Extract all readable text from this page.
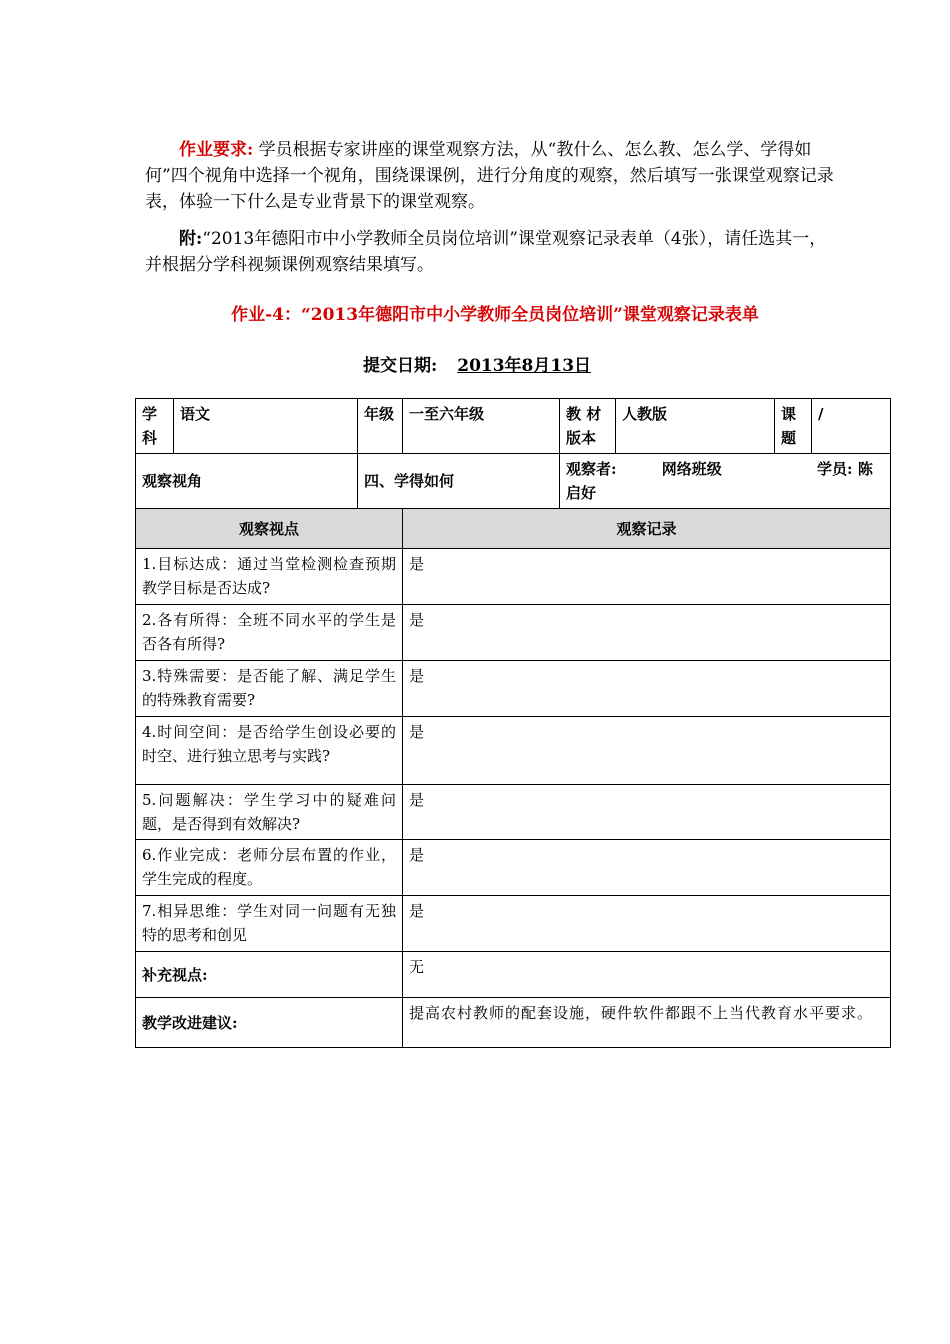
作业要求: 学员根据专家讲座的课堂观察方法，从“教什么、怎么教、怎么学、学得如何”四个视角中选择一个视角，围绕课课例，进行分角度的观察，然后填写一张课堂观察记录表，体验一下什么是专业背景下的课堂观察。
附:“2013年德阳市中小学教师全员岗位培训”课堂观察记录表单（4张），请任选其一，并根据分学科视频课例观察结果填写。
作业-4：“2013年德阳市中小学教师全员岗位培训”课堂观察记录表单
提交日期: 2013年8月13日
学科	语文	年级	一至六年级	教 材版本	人教版	课题	/
观察视角		四、学得如何		观察者: 网络班级 学员: 陈启好			
观察视点			观察记录				
1.目标达成：通过当堂检测检查预期教学目标是否达成?			是				
2.各有所得：全班不同水平的学生是否各有所得?			是				
3.特殊需要：是否能了解、满足学生的特殊教育需要?			是				
4.时间空间：是否给学生创设必要的时空、进行独立思考与实践?			是				
5.问题解决：学生学习中的疑难问题，是否得到有效解决?			是				
6.作业完成：老师分层布置的作业，学生完成的程度。			是				
7.相异思维：学生对同一问题有无独特的思考和创见			是				
补充视点:			无				
教学改进建议:			提高农村教师的配套设施，硬件软件都跟不上当代教育水平要求。				
